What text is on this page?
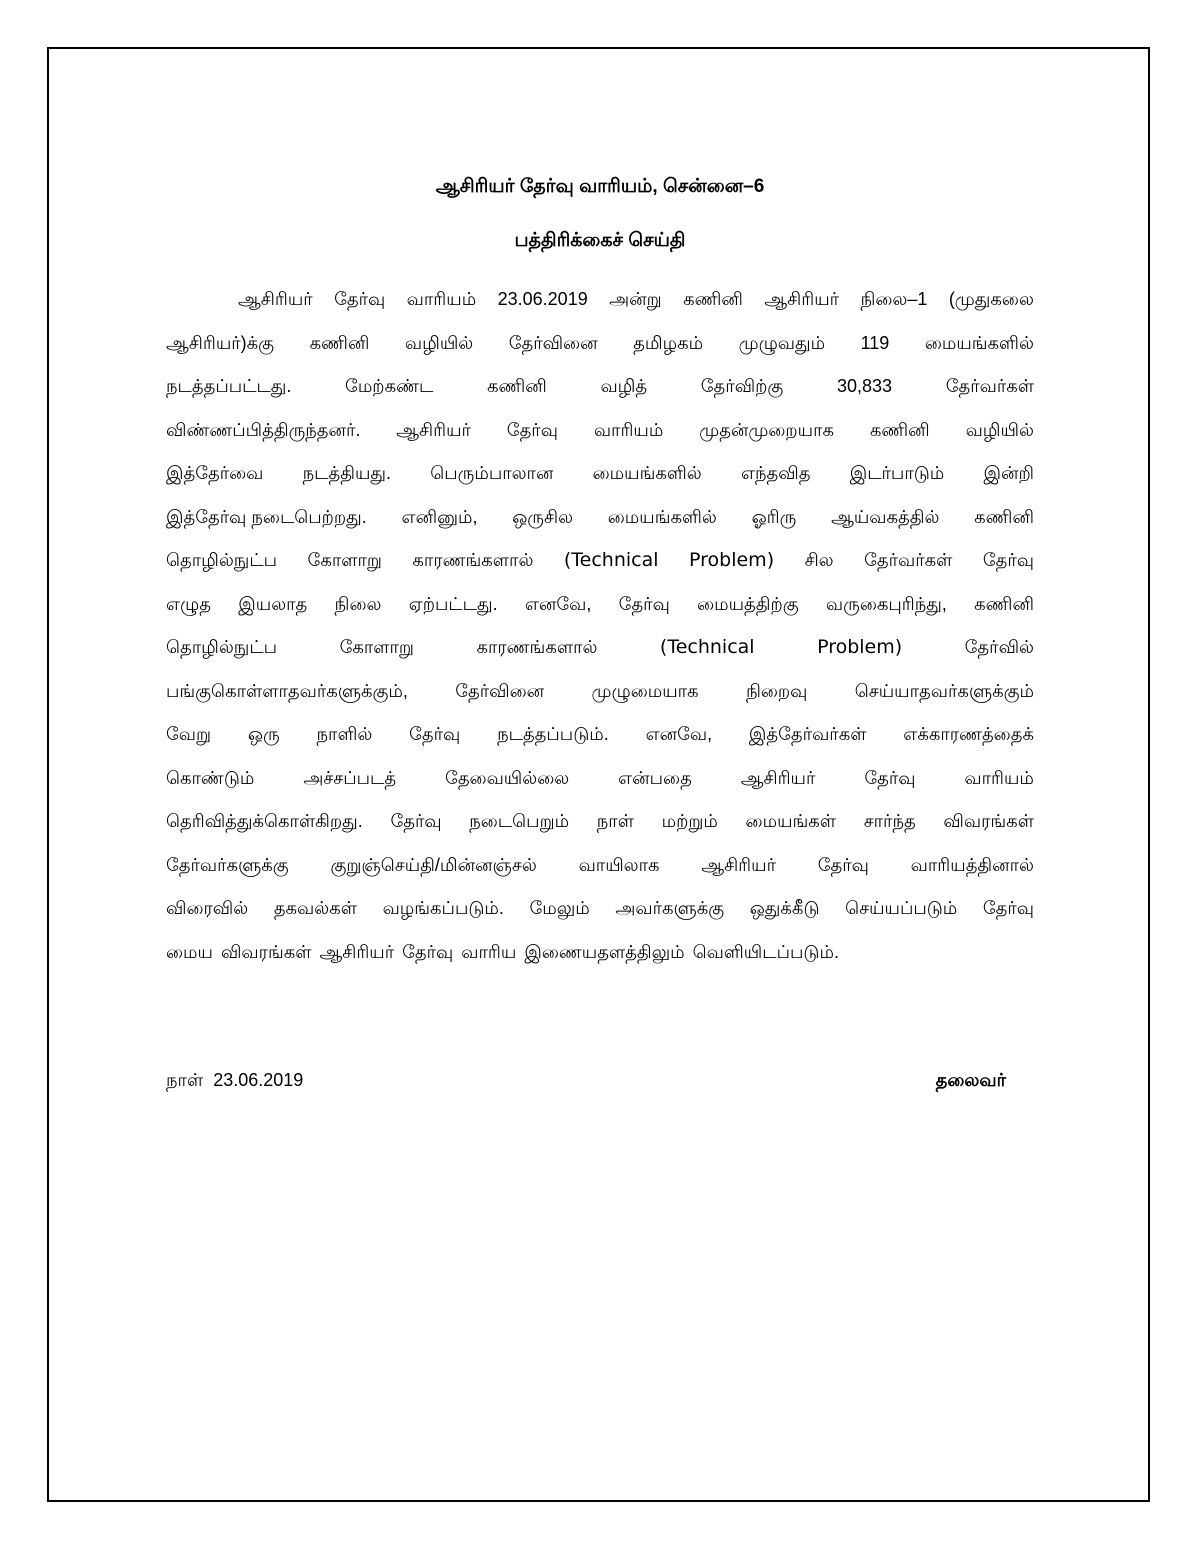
ஆசிரியர் தேர்வு வாரியம், சென்னை–6
பத்திரிக்கைச் செய்தி
ஆசிரியர் தேர்வு வாரியம் 23.06.2019 அன்று கணினி ஆசிரியர் நிலை–1 (முதுகலை
ஆசிரியர்)க்கு கணினி வழியில் தேர்வினை தமிழகம் முழுவதும் 119 மையங்களில்
நடத்தப்பட்டது.	மேற்கண்ட	கணினி	வழித்	தேர்விற்கு	30,833	தேர்வர்கள்
விண்ணப்பித்திருந்தனர். ஆசிரியர் தேர்வு வாரியம் முதன்முறையாக கணினி வழியில்
இத்தேர்வை நடத்தியது. பெரும்பாலான மையங்களில் எந்தவித இடர்பாடும் இன்றி
இத்தேர்வு நடைபெற்றது. எனினும், ஒருசில மையங்களில் ஓரிரு ஆய்வகத்தில் கணினி
தொழில்நுட்ப கோளாறு காரணங்களால் (Technical Problem) சில தேர்வர்கள் தேர்வு
எழுத இயலாத நிலை ஏற்பட்டது. எனவே, தேர்வு மையத்திற்கு வருகைபுரிந்து, கணினி
தொழில்நுட்ப	கோளாறு	காரணங்களால்	(Technical	Problem)	தேர்வில்
பங்குகொள்ளாதவர்களுக்கும்,	தேர்வினை	முழுமையாக	நிறைவு	செய்யாதவர்களுக்கும்
வேறு ஒரு நாளில் தேர்வு நடத்தப்படும். எனவே, இத்தேர்வர்கள் எக்காரணத்தைக்
கொண்டும்	அச்சப்படத்	தேவையில்லை	என்பதை	ஆசிரியர்	தேர்வு	வாரியம்
தெரிவித்துக்கொள்கிறது. தேர்வு நடைபெறும் நாள் மற்றும் மையங்கள் சார்ந்த விவரங்கள்
தேர்வர்களுக்கு குறுஞ்செய்தி/மின்னஞ்சல் வாயிலாக ஆசிரியர் தேர்வு வாரியத்தினால்
விரைவில் தகவல்கள் வழங்கப்படும். மேலும் அவர்களுக்கு ஒதுக்கீடு செய்யப்படும் தேர்வு
மைய விவரங்கள் ஆசிரியர் தேர்வு வாரிய இணையதளத்திலும் வெளியிடப்படும்.
நாள் 23.06.2019	தலைவர்
